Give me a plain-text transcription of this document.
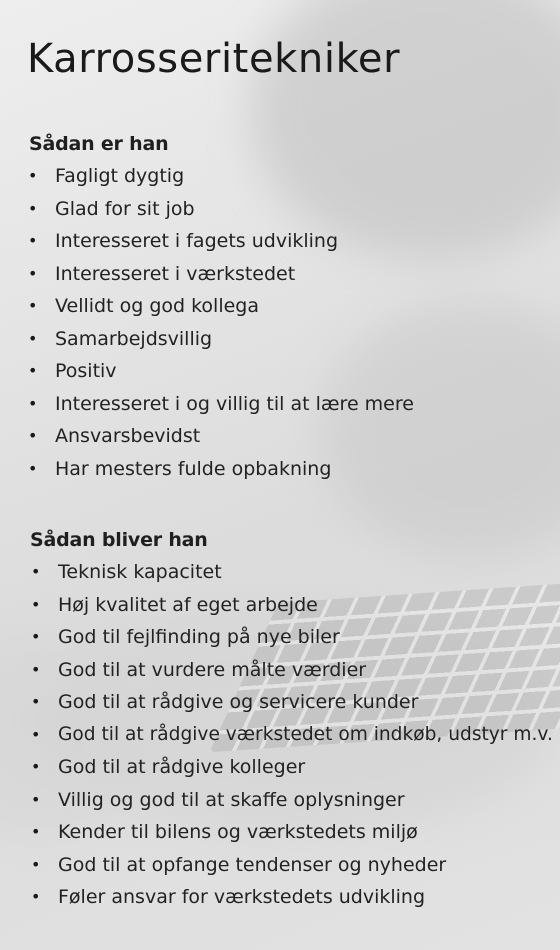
Karrosseritekniker
Sådan er han
• Fagligt dygtig
• Glad for sit job
• Interesseret i fagets udvikling
• Interesseret i værkstedet
• Vellidt og god kollega
• Samarbejdsvillig
• Positiv
• Interesseret i og villig til at lære mere
• Ansvarsbevidst
• Har mesters fulde opbakning
Sådan bliver han
• Teknisk kapacitet
• Høj kvalitet af eget arbejde
• God til fejlfinding på nye biler
• God til at vurdere målte værdier
• God til at rådgive og servicere kunder
• God til at rådgive værkstedet om indkøb, udstyr m.v.
• God til at rådgive kolleger
• Villig og god til at skaffe oplysninger
• Kender til bilens og værkstedets miljø
• God til at opfange tendenser og nyheder
• Føler ansvar for værkstedets udvikling
